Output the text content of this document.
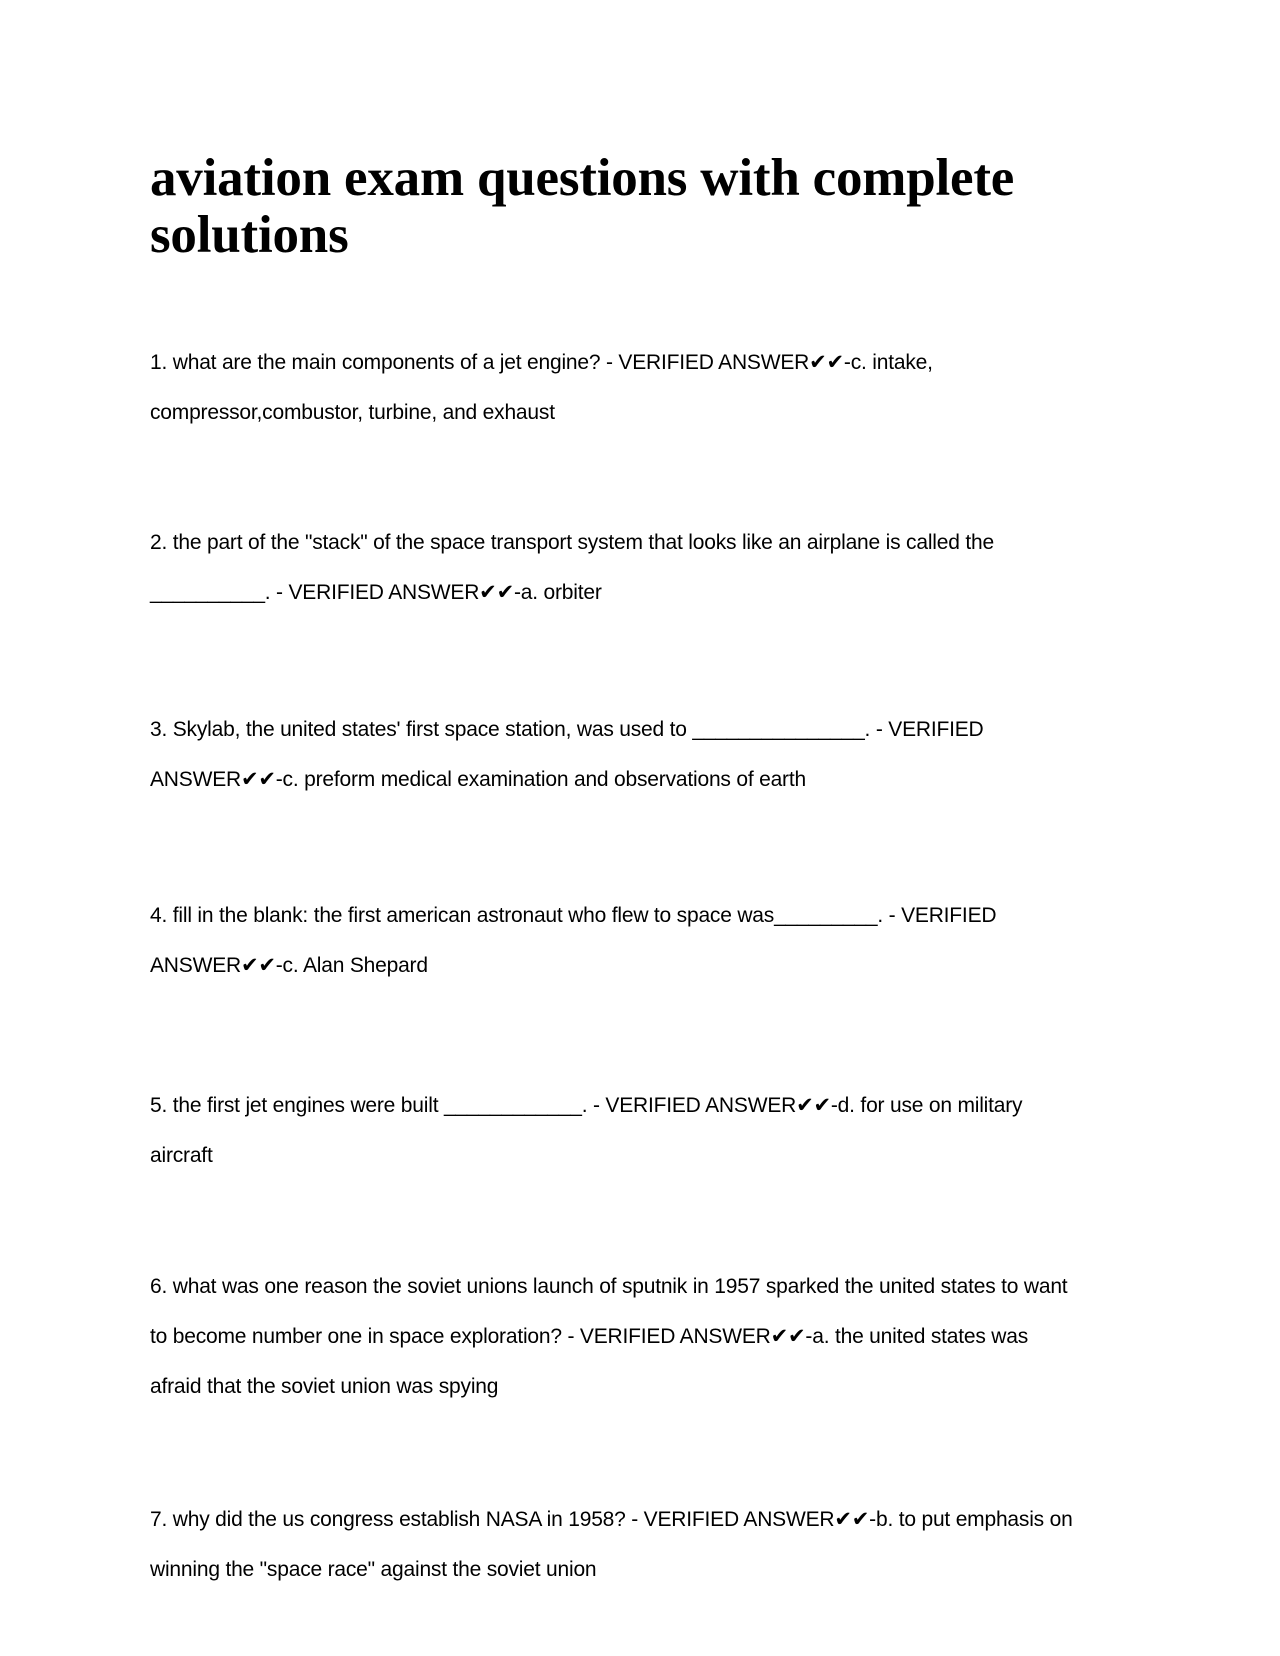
aviation exam questions with complete solutions

1. what are the main components of a jet engine? - VERIFIED ANSWER✔✔-c. intake, compressor,combustor, turbine, and exhaust

2. the part of the "stack" of the space transport system that looks like an airplane is called the __________. - VERIFIED ANSWER✔✔-a. orbiter

3. Skylab, the united states' first space station, was used to _______________. - VERIFIED ANSWER✔✔-c. preform medical examination and observations of earth

4. fill in the blank: the first american astronaut who flew to space was_________. - VERIFIED ANSWER✔✔-c. Alan Shepard

5. the first jet engines were built ____________. - VERIFIED ANSWER✔✔-d. for use on military aircraft

6. what was one reason the soviet unions launch of sputnik in 1957 sparked the united states to want to become number one in space exploration? - VERIFIED ANSWER✔✔-a. the united states was afraid that the soviet union was spying

7. why did the us congress establish NASA in 1958? - VERIFIED ANSWER✔✔-b. to put emphasis on winning the "space race" against the soviet union
